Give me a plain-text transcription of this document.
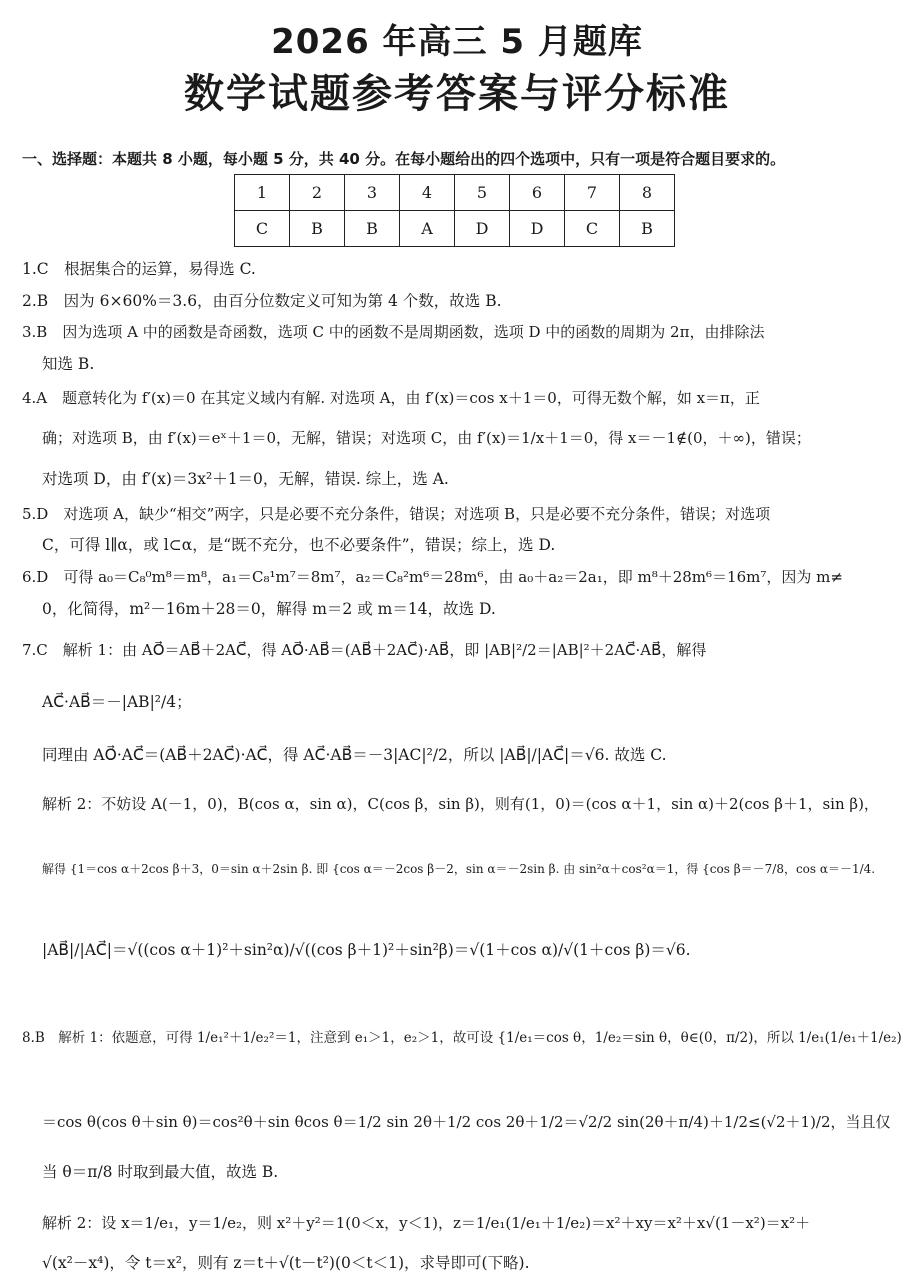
2026 年高三 5 月题库
数学试题参考答案与评分标准
一、选择题：本题共 8 小题，每小题 5 分，共 40 分。在每小题给出的四个选项中，只有一项是符合题目要求的。
1	2	3	4	5	6	7	8
C	B	B	A	D	D	C	B
1.C　根据集合的运算，易得选 C.
2.B　因为 6×60%＝3.6，由百分位数定义可知为第 4 个数，故选 B.
3.B　因为选项 A 中的函数是奇函数，选项 C 中的函数不是周期函数，选项 D 中的函数的周期为 2π，由排除法
知选 B.
4.A　题意转化为 f′(x)＝0 在其定义域内有解. 对选项 A，由 f′(x)＝cos x＋1＝0，可得无数个解，如 x＝π，正
确；对选项 B，由 f′(x)＝eˣ＋1＝0，无解，错误；对选项 C，由 f′(x)＝1/x＋1＝0，得 x＝－1∉(0，＋∞)，错误；
对选项 D，由 f′(x)＝3x²＋1＝0，无解，错误. 综上，选 A.
5.D　对选项 A，缺少“相交”两字，只是必要不充分条件，错误；对选项 B，只是必要不充分条件，错误；对选项
C，可得 l∥α，或 l⊂α，是“既不充分，也不必要条件”，错误；综上，选 D.
6.D　可得 a₀＝C₈⁰m⁸＝m⁸，a₁＝C₈¹m⁷＝8m⁷，a₂＝C₈²m⁶＝28m⁶，由 a₀＋a₂＝2a₁，即 m⁸＋28m⁶＝16m⁷，因为 m≠
0，化简得，m²－16m＋28＝0，解得 m＝2 或 m＝14，故选 D.
7.C　解析 1：由 AO⃗＝AB⃗＋2AC⃗，得 AO⃗·AB⃗＝(AB⃗＋2AC⃗)·AB⃗，即 |AB|²/2＝|AB|²＋2AC⃗·AB⃗，解得
AC⃗·AB⃗＝－|AB|²/4；
同理由 AO⃗·AC⃗＝(AB⃗＋2AC⃗)·AC⃗，得 AC⃗·AB⃗＝－3|AC|²/2，所以 |AB⃗|/|AC⃗|＝√6. 故选 C.
解析 2：不妨设 A(－1，0)，B(cos α，sin α)，C(cos β，sin β)，则有(1，0)＝(cos α＋1，sin α)＋2(cos β＋1，sin β)，
解得 {1＝cos α＋2cos β＋3，0＝sin α＋2sin β. 即 {cos α＝－2cos β－2，sin α＝－2sin β. 由 sin²α＋cos²α＝1，得 {cos β＝－7/8，cos α＝－1/4.
|AB⃗|/|AC⃗|＝√((cos α＋1)²＋sin²α)/√((cos β＋1)²＋sin²β)＝√(1＋cos α)/√(1＋cos β)＝√6.
8.B　解析 1：依题意，可得 1/e₁²＋1/e₂²＝1，注意到 e₁＞1，e₂＞1，故可设 {1/e₁＝cos θ，1/e₂＝sin θ，θ∈(0，π/2)，所以 1/e₁(1/e₁＋1/e₂)
＝cos θ(cos θ＋sin θ)＝cos²θ＋sin θcos θ＝1/2 sin 2θ＋1/2 cos 2θ＋1/2＝√2/2 sin(2θ＋π/4)＋1/2≤(√2＋1)/2，当且仅
当 θ＝π/8 时取到最大值，故选 B.
解析 2：设 x＝1/e₁，y＝1/e₂，则 x²＋y²＝1(0＜x，y＜1)，z＝1/e₁(1/e₁＋1/e₂)＝x²＋xy＝x²＋x√(1－x²)＝x²＋
√(x²－x⁴)，令 t＝x²，则有 z＝t＋√(t－t²)(0＜t＜1)，求导即可(下略).
